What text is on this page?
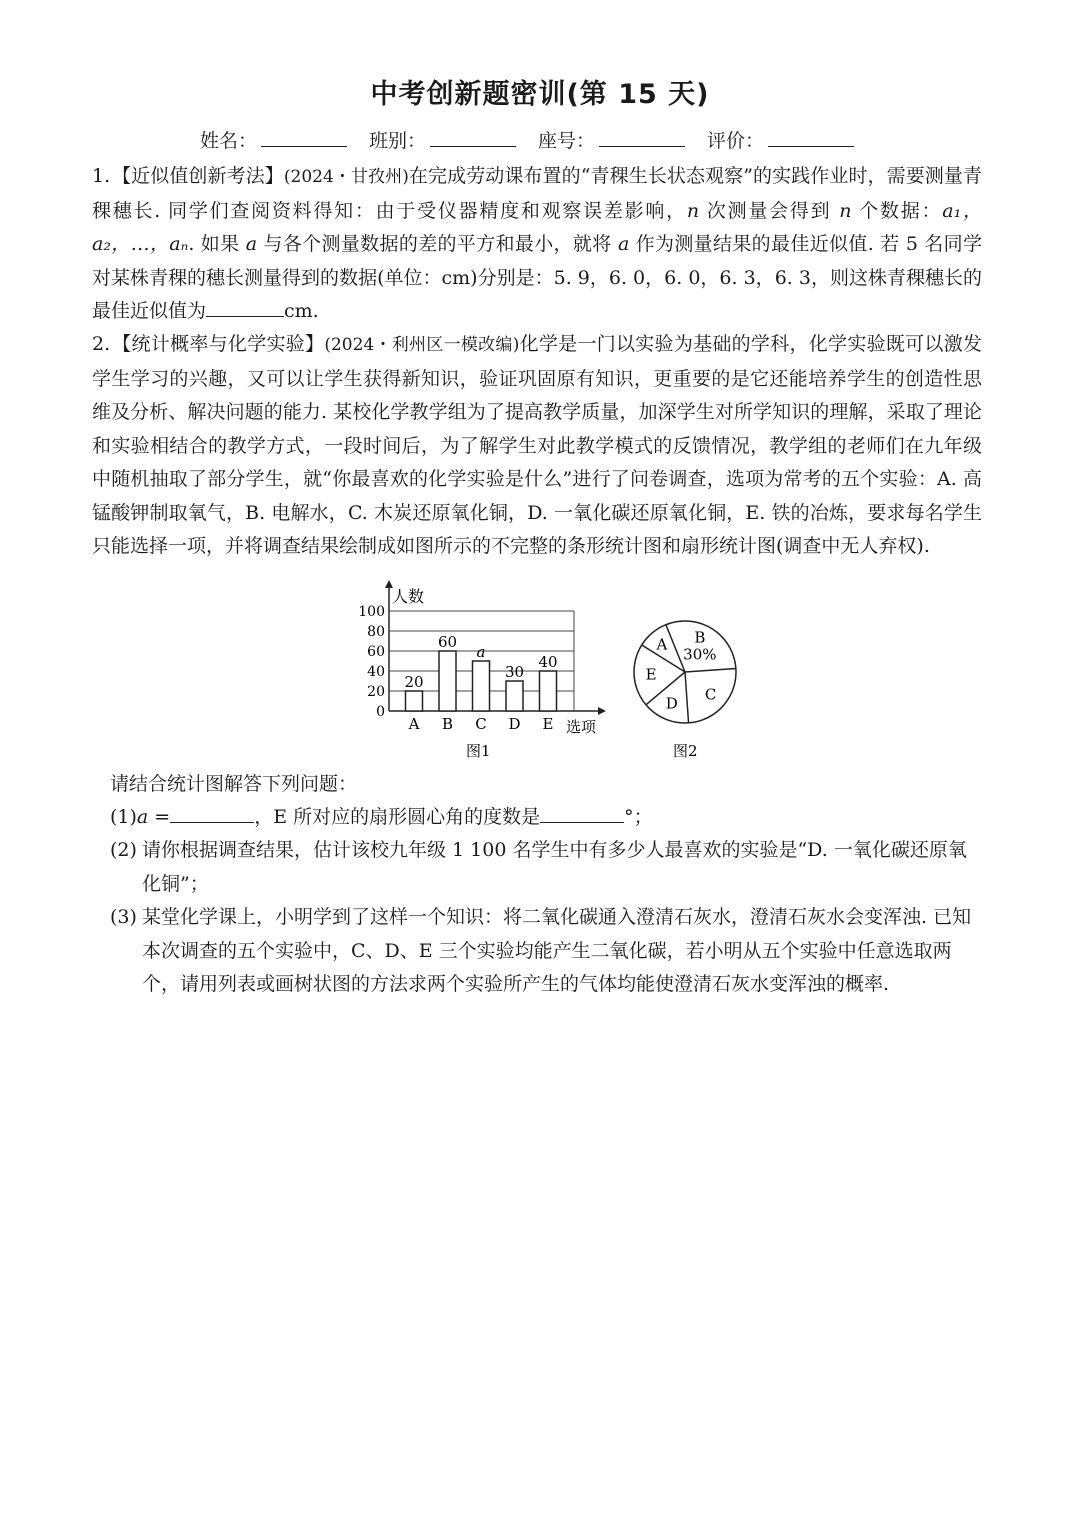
中考创新题密训(第 15 天)
姓名：	班别：	座号：	评价：
1.【近似值创新考法】(2024・甘孜州)在完成劳动课布置的“青稞生长状态观察”的实践作业时，需要测量青稞穗长. 同学们查阅资料得知：由于受仪器精度和观察误差影响，n 次测量会得到 n 个数据：a₁，a₂，…，aₙ. 如果 a 与各个测量数据的差的平方和最小，就将 a 作为测量结果的最佳近似值. 若 5 名同学对某株青稞的穗长测量得到的数据(单位：cm)分别是：5. 9，6. 0，6. 0，6. 3，6. 3，则这株青稞穗长的最佳近似值为	cm.
2.【统计概率与化学实验】(2024・利州区一模改编)化学是一门以实验为基础的学科，化学实验既可以激发学生学习的兴趣，又可以让学生获得新知识，验证巩固原有知识，更重要的是它还能培养学生的创造性思维及分析、解决问题的能力. 某校化学教学组为了提高教学质量，加深学生对所学知识的理解，采取了理论和实验相结合的教学方式，一段时间后，为了解学生对此教学模式的反馈情况，教学组的老师们在九年级中随机抽取了部分学生，就“你最喜欢的化学实验是什么”进行了问卷调查，选项为常考的五个实验：A. 高锰酸钾制取氧气，B. 电解水，C. 木炭还原氧化铜，D. 一氧化碳还原氧化铜，E. 铁的冶炼，要求每名学生只能选择一项，并将调查结果绘制成如图所示的不完整的条形统计图和扇形统计图(调查中无人弃权).
人数
选项
图1
0
20
40
60
80
100
20
A
60
B
a
C
30
D
40
E
A B
30%
C
D
E
图2
请结合统计图解答下列问题：
(1)a =	，E 所对应的扇形圆心角的度数是	°；
(2) 请你根据调查结果，估计该校九年级 1 100 名学生中有多少人最喜欢的实验是“D. 一氧化碳还原氧化铜”；
(3) 某堂化学课上，小明学到了这样一个知识：将二氧化碳通入澄清石灰水，澄清石灰水会变浑浊. 已知本次调查的五个实验中，C、D、E 三个实验均能产生二氧化碳，若小明从五个实验中任意选取两个，请用列表或画树状图的方法求两个实验所产生的气体均能使澄清石灰水变浑浊的概率.
